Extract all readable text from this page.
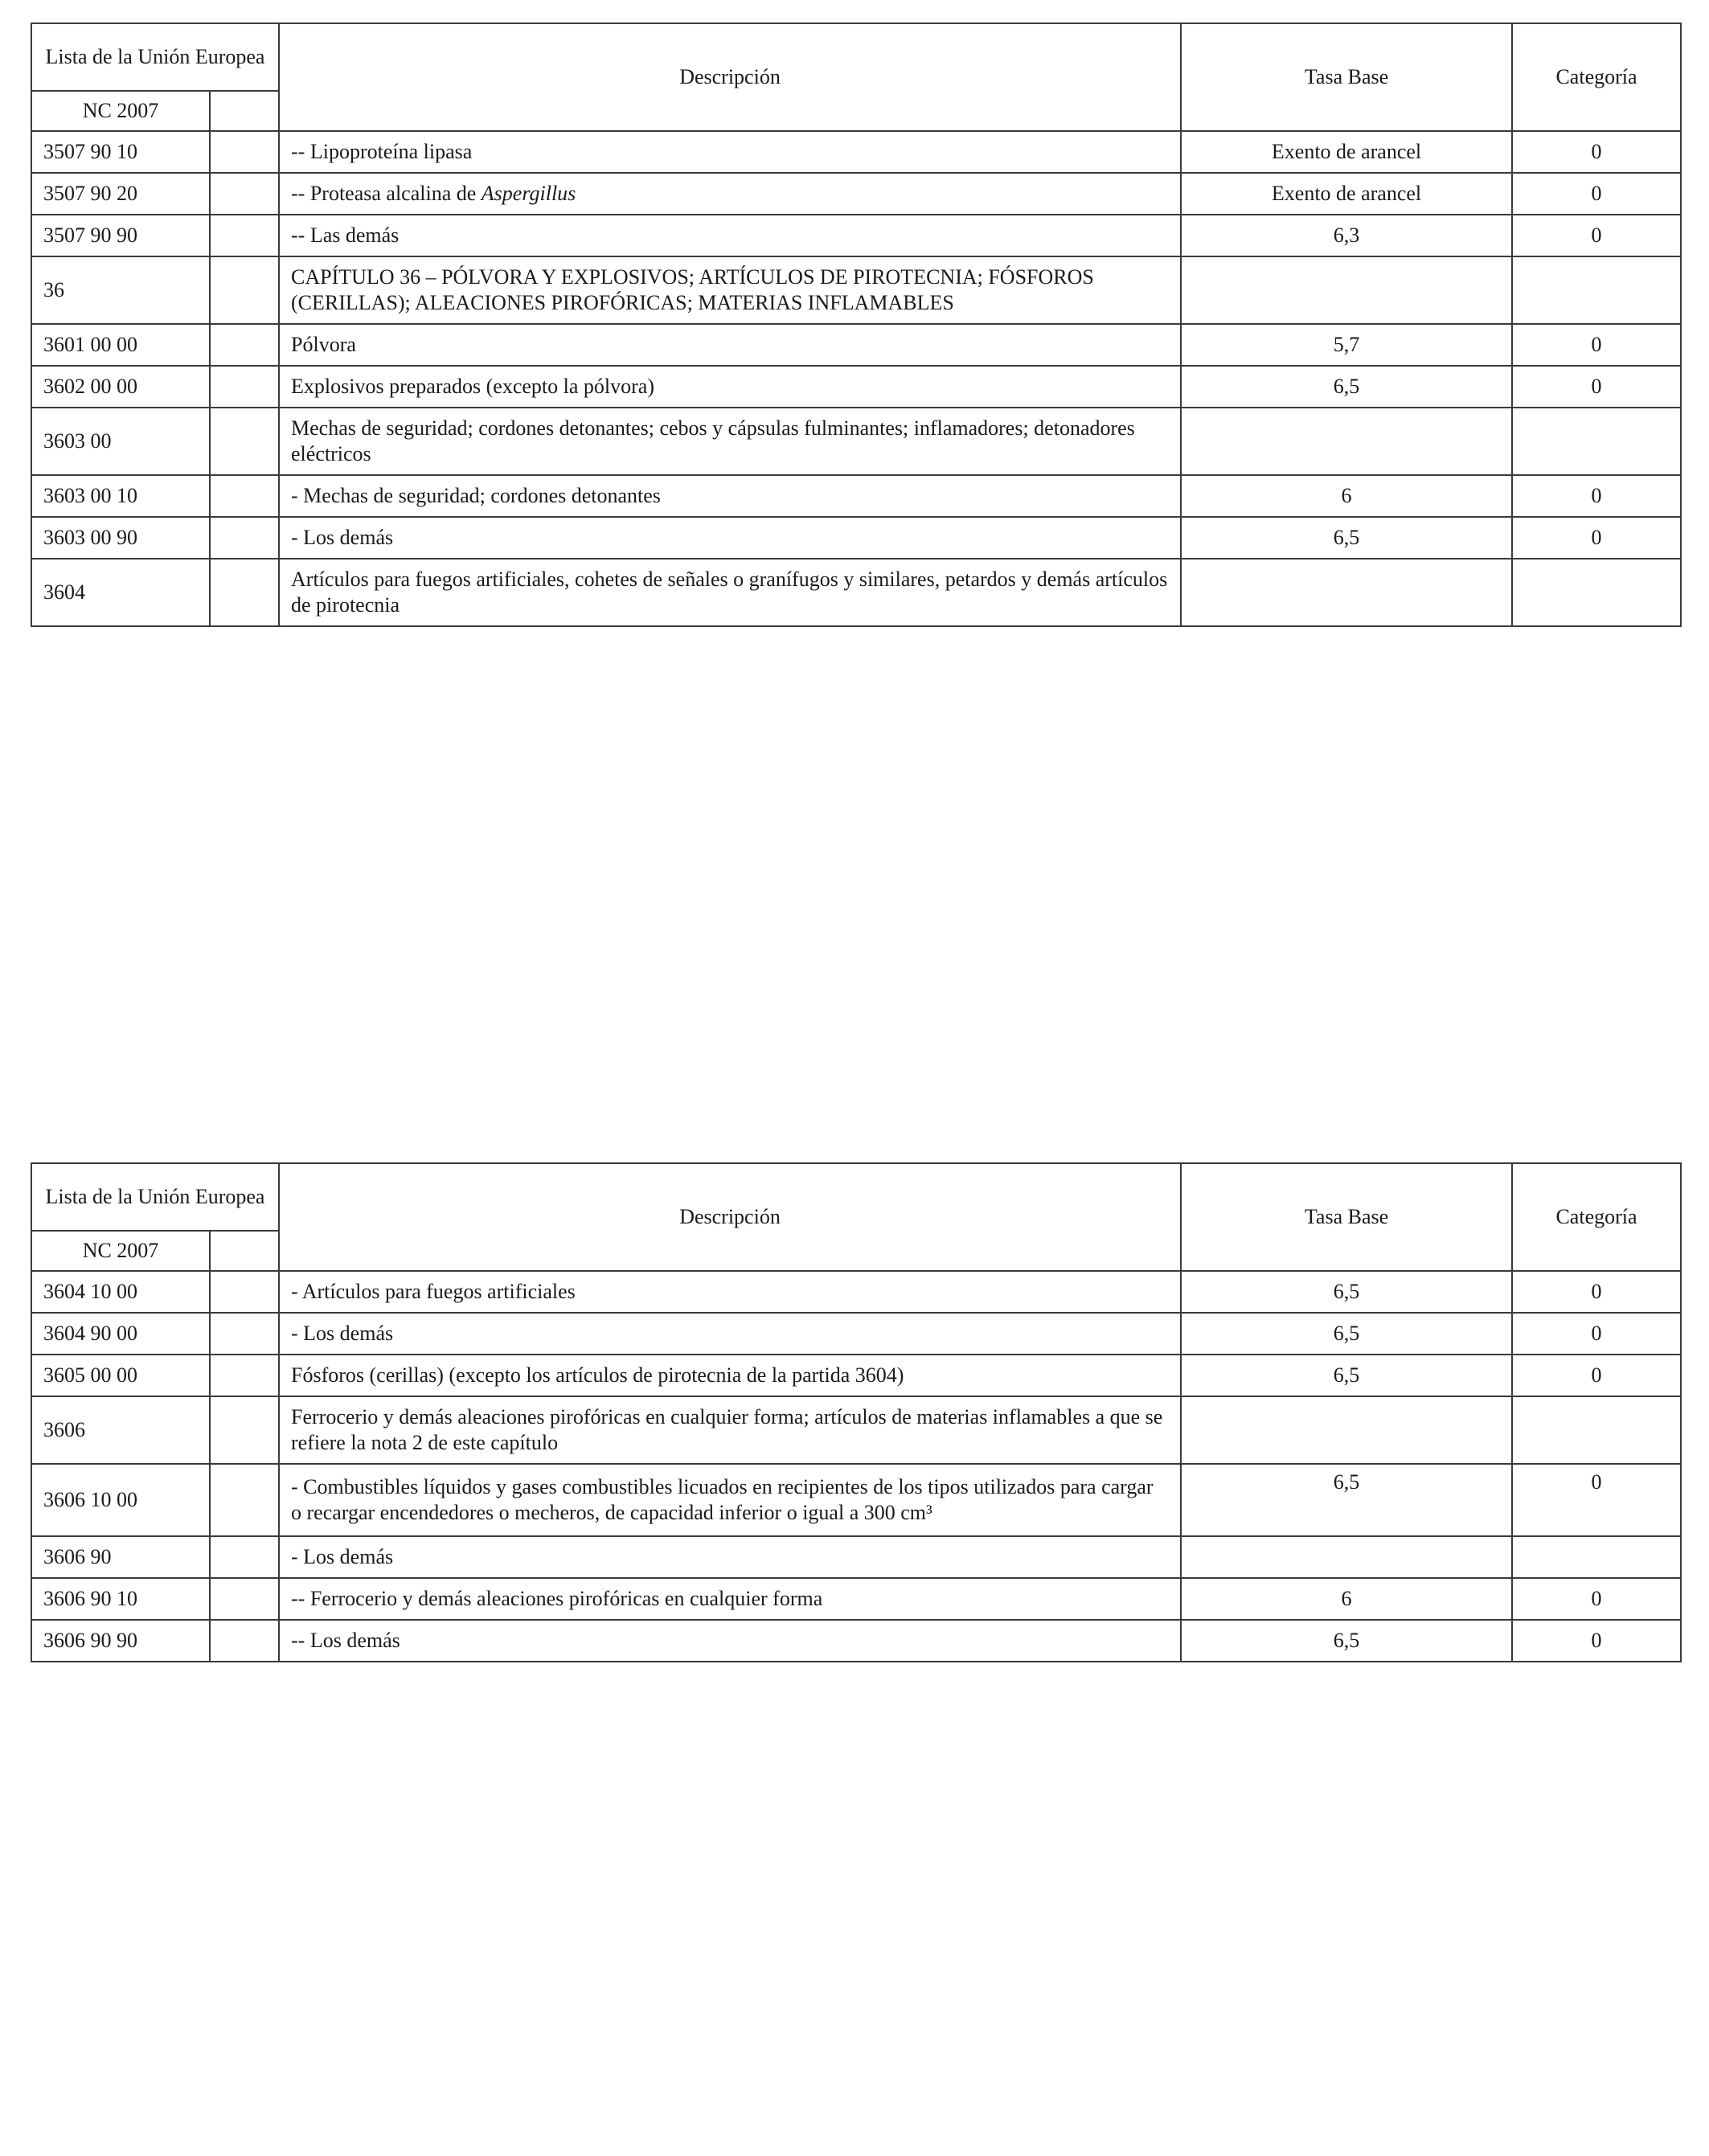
Lista de la Unión Europea		Descripción	Tasa Base	Categoría
NC 2007				
3507 90 10		-- Lipoproteína lipasa	Exento de arancel	0
3507 90 20		-- Proteasa alcalina de Aspergillus	Exento de arancel	0
3507 90 90		-- Las demás	6,3	0
36		CAPÍTULO 36 – PÓLVORA Y EXPLOSIVOS; ARTÍCULOS DE PIROTECNIA; FÓSFOROS (CERILLAS); ALEACIONES PIROFÓRICAS; MATERIAS INFLAMABLES		
3601 00 00		Pólvora	5,7	0
3602 00 00		Explosivos preparados (excepto la pólvora)	6,5	0
3603 00		Mechas de seguridad; cordones detonantes; cebos y cápsulas fulminantes; inflamadores; detonadores eléctricos		
3603 00 10		- Mechas de seguridad; cordones detonantes	6	0
3603 00 90		- Los demás	6,5	0
3604		Artículos para fuegos artificiales, cohetes de señales o granífugos y similares, petardos y demás artículos de pirotecnia		
Lista de la Unión Europea		Descripción	Tasa Base	Categoría
NC 2007				
3604 10 00		- Artículos para fuegos artificiales	6,5	0
3604 90 00		- Los demás	6,5	0
3605 00 00		Fósforos (cerillas) (excepto los artículos de pirotecnia de la partida 3604)	6,5	0
3606		Ferrocerio y demás aleaciones pirofóricas en cualquier forma; artículos de materias inflamables a que se refiere la nota 2 de este capítulo		
3606 10 00		- Combustibles líquidos y gases combustibles licuados en recipientes de los tipos utilizados para cargar o recargar encendedores o mecheros, de capacidad inferior o igual a 300 cm³	6,5	0
3606 90		- Los demás		
3606 90 10		-- Ferrocerio y demás aleaciones pirofóricas en cualquier forma	6	0
3606 90 90		-- Los demás	6,5	0
